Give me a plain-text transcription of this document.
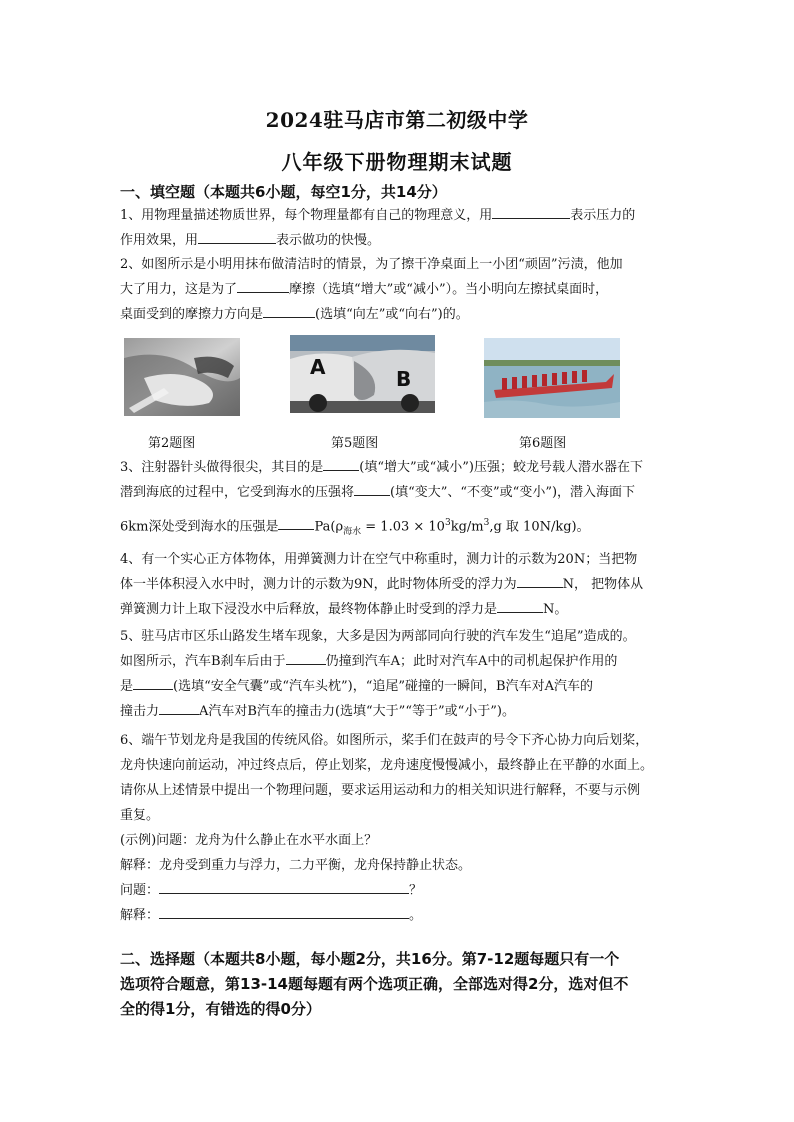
2024驻马店市第二初级中学
八年级下册物理期末试题
一、填空题（本题共6小题，每空1分，共14分）
1、用物理量描述物质世界，每个物理量都有自己的物理意义，用	表示压力的
作用效果，用	表示做功的快慢。
2、如图所示是小明用抹布做清洁时的情景，为了擦干净桌面上一小团“顽固”污渍，他加
大了用力，这是为了	摩擦（选填“增大”或“减小”）。当小明向左擦拭桌面时，
桌面受到的摩擦力方向是	(选填“向左”或“向右”)的。
A	B
第2题图	第5题图	第6题图
3、注射器针头做得很尖，其目的是	(填“增大”或“减小”)压强；蛟龙号载人潜水器在下
潜到海底的过程中，它受到海水的压强将	(填“变大”、“不变”或“变小”)，潜入海面下
6km深处受到海水的压强是	$Pa(\rho_{海水} = 1.03 \times 10^3kg/m^3,g$ 取 10N/kg)。
4、有一个实心正方体物体，用弹簧测力计在空气中称重时，测力计的示数为20N；当把物
体一半体积浸入水中时，测力计的示数为9N，此时物体所受的浮力为	N， 把物体从
弹簧测力计上取下浸没水中后释放，最终物体静止时受到的浮力是	N。
5、驻马店市区乐山路发生堵车现象，大多是因为两部同向行驶的汽车发生“追尾”造成的。
如图所示，汽车B刹车后由于	仍撞到汽车A；此时对汽车A中的司机起保护作用的
是	(选填“安全气囊”或“汽车头枕”)，“追尾”碰撞的一瞬间，B汽车对A汽车的
撞击力	A汽车对B汽车的撞击力(选填“大于”“等于”或“小于”)。
6、端午节划龙舟是我国的传统风俗。如图所示，桨手们在鼓声的号令下齐心协力向后划桨，
龙舟快速向前运动，冲过终点后，停止划桨，龙舟速度慢慢减小，最终静止在平静的水面上。
请你从上述情景中提出一个物理问题，要求运用运动和力的相关知识进行解释，不要与示例
重复。
(示例)问题：龙舟为什么静止在水平水面上？
解释：龙舟受到重力与浮力，二力平衡，龙舟保持静止状态。
问题：	？
解释：	。
二、选择题（本题共8小题，每小题2分，共16分。第7-12题每题只有一个
选项符合题意，第13-14题每题有两个选项正确，全部选对得2分，选对但不
全的得1分，有错选的得0分）
